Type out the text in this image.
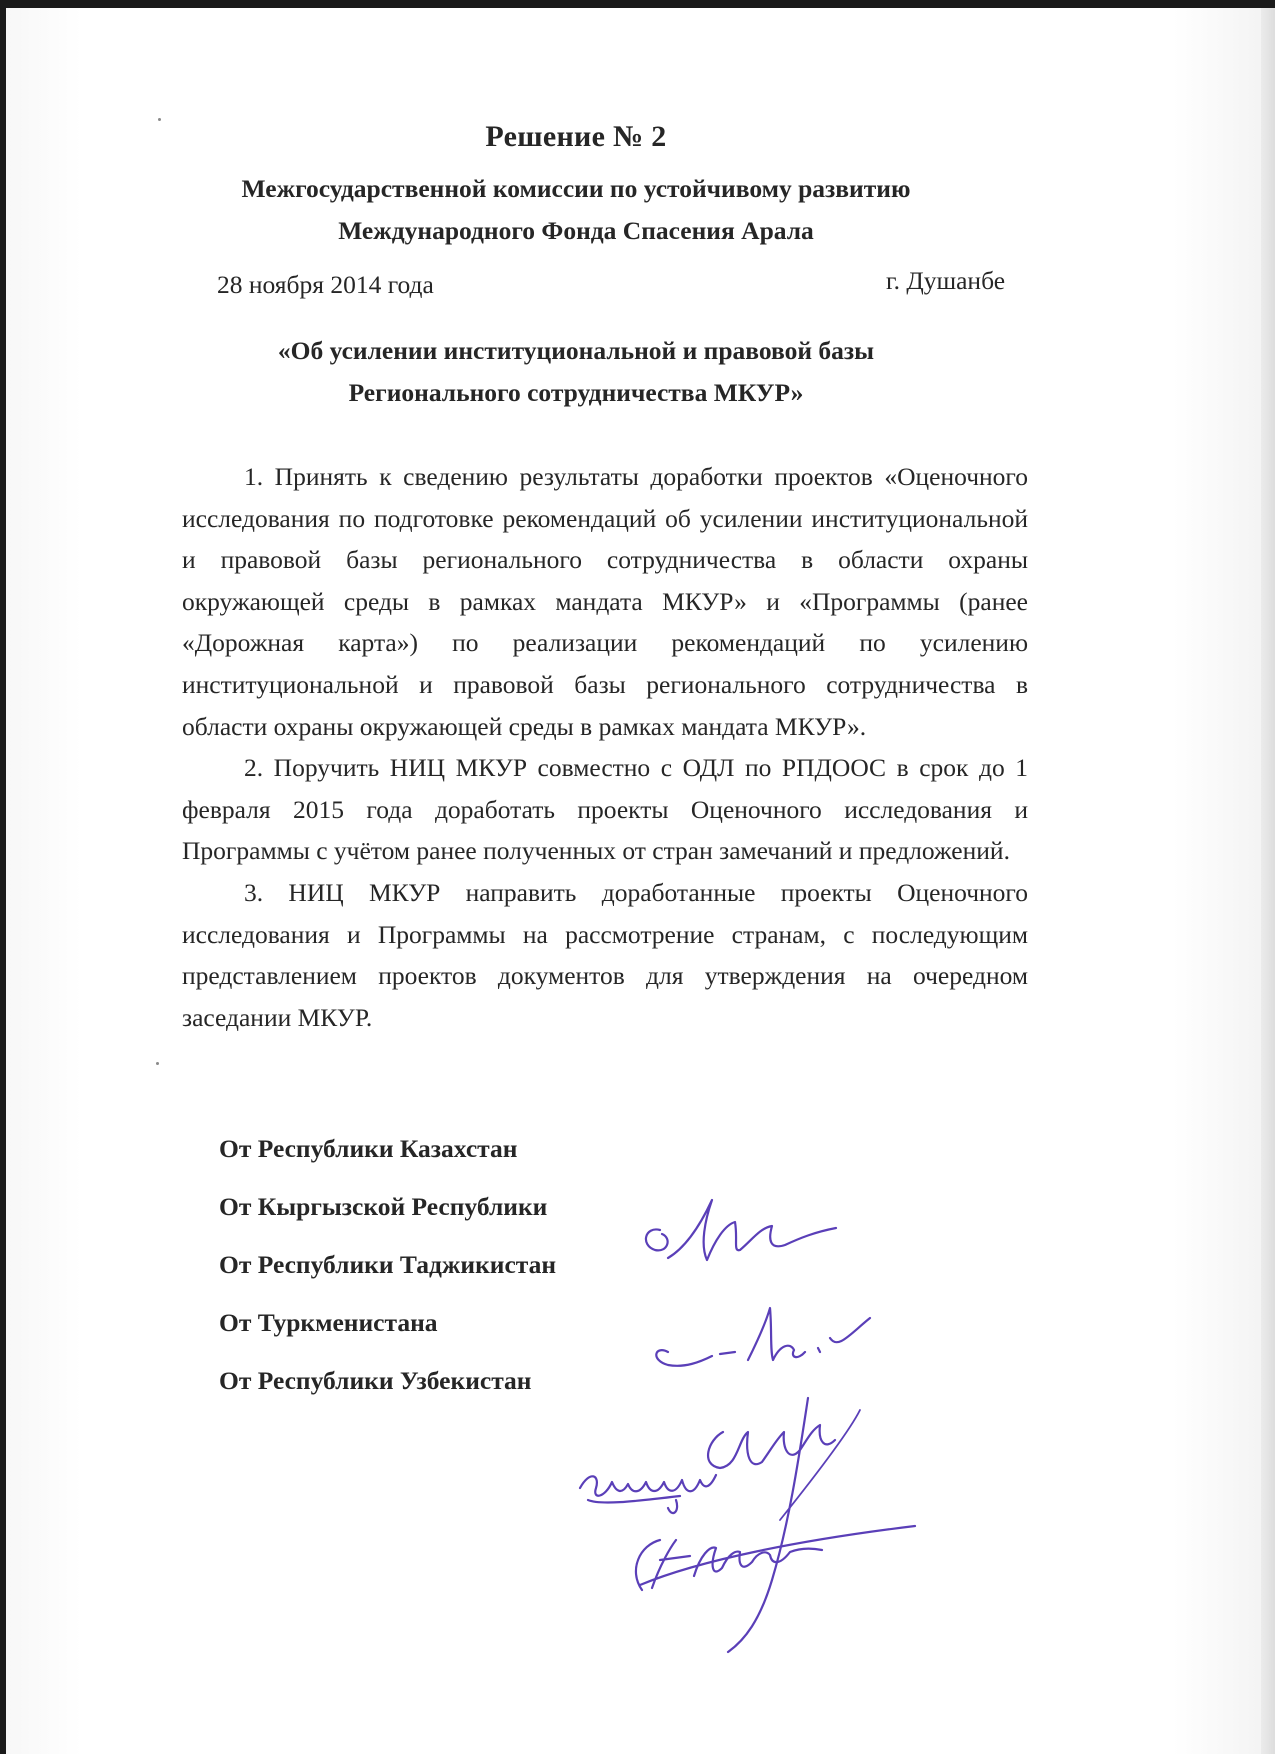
Решение № 2
Межгосударственной комиссии по устойчивому развитию
Международного Фонда Спасения Арала
28 ноября 2014 года	г. Душанбе
«Об усилении институциональной и правовой базы
Регионального сотрудничества МКУР»

1. Принять к сведению результаты доработки проектов «Оценочного исследования по подготовке рекомендаций об усилении институциональной и правовой базы регионального сотрудничества в области охраны окружающей среды в рамках мандата МКУР» и «Программы (ранее «Дорожная карта») по реализации рекомендаций по усилению институциональной и правовой базы регионального сотрудничества в области охраны окружающей среды в рамках мандата МКУР».

2. Поручить НИЦ МКУР совместно с ОДЛ по РПДООС в срок до 1 февраля 2015 года доработать проекты Оценочного исследования и Программы с учётом ранее полученных от стран замечаний и предложений.

3. НИЦ МКУР направить доработанные проекты Оценочного исследования и Программы на рассмотрение странам, с последующим представлением проектов документов для утверждения на очередном заседании МКУР.

От Республики Казахстан
От Кыргызской Республики
От Республики Таджикистан
От Туркменистана
От Республики Узбекистан
